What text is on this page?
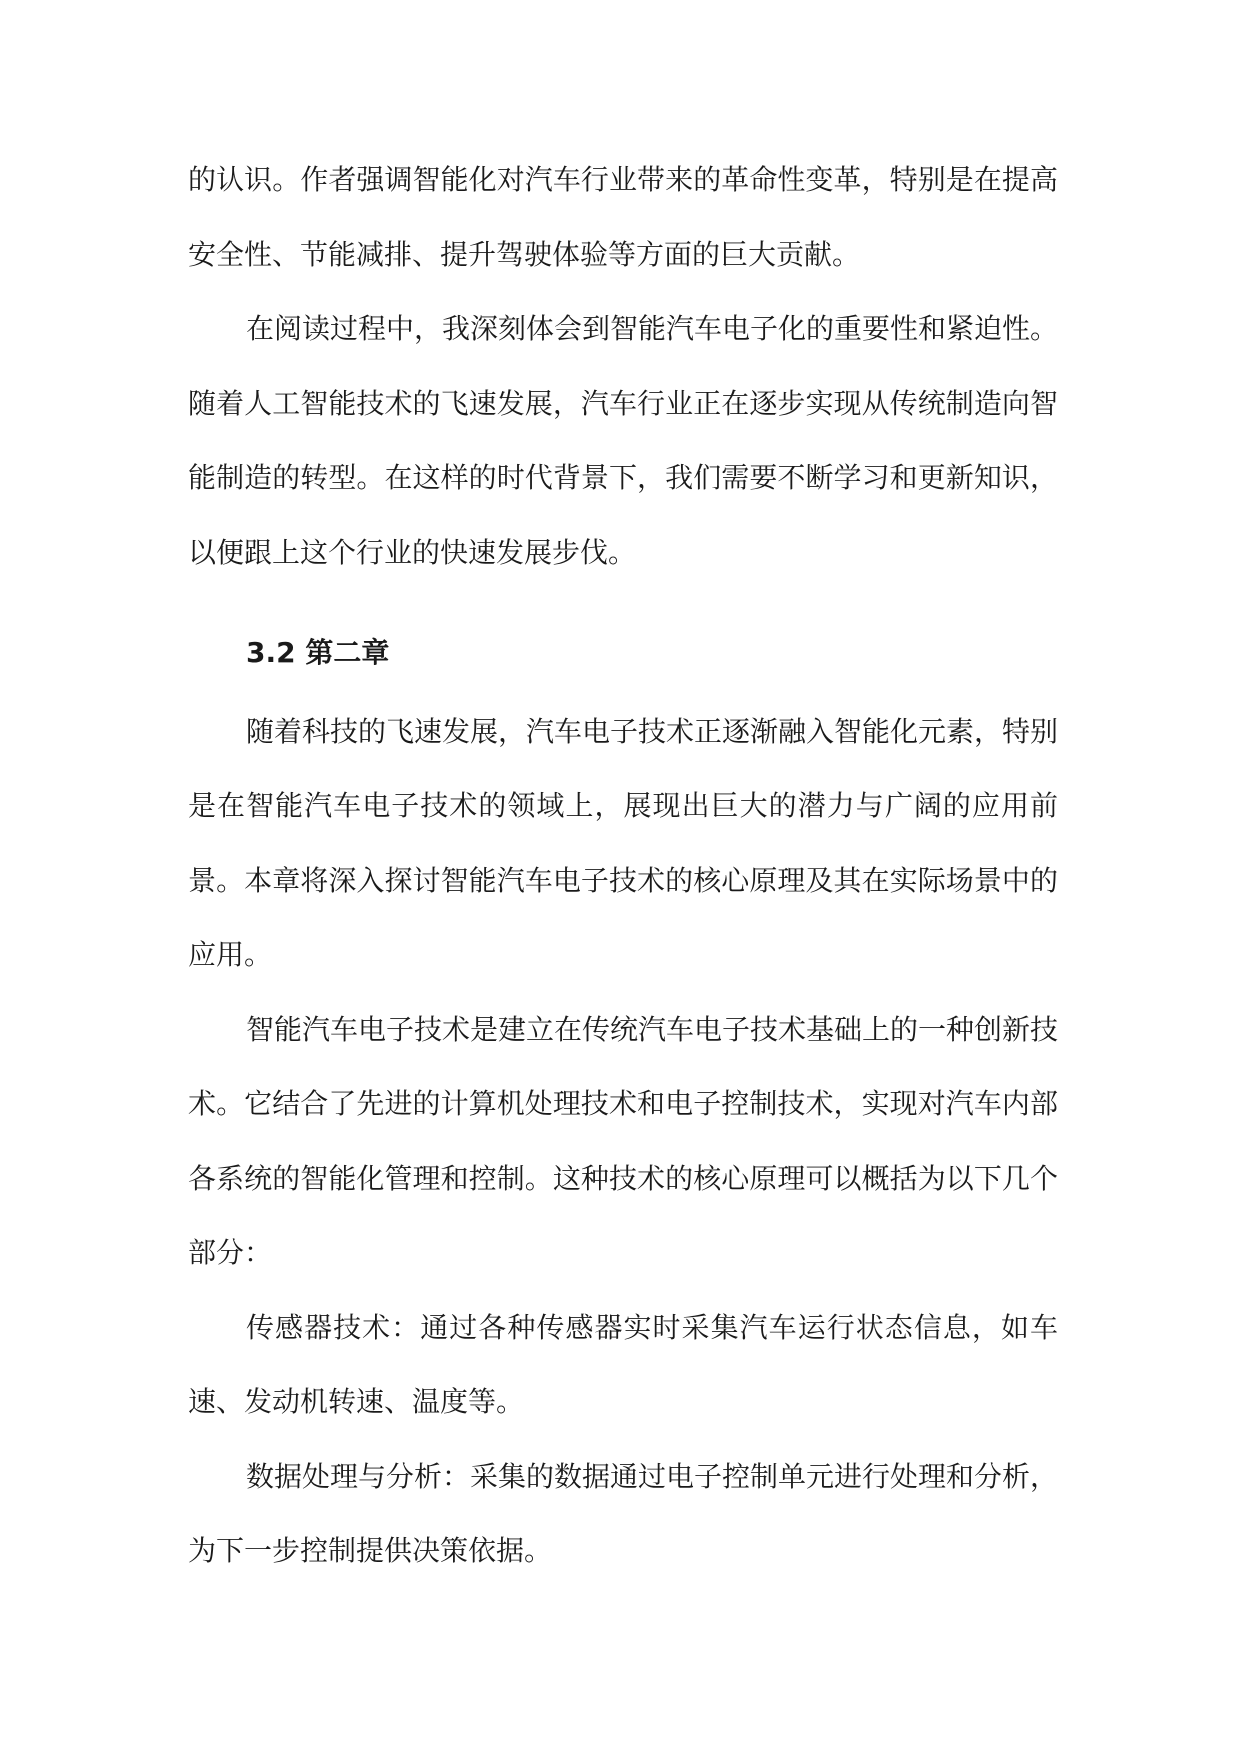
的认识。作者强调智能化对汽车行业带来的革命性变革，特别是在提高安全性、节能减排、提升驾驶体验等方面的巨大贡献。

在阅读过程中，我深刻体会到智能汽车电子化的重要性和紧迫性。随着人工智能技术的飞速发展，汽车行业正在逐步实现从传统制造向智能制造的转型。在这样的时代背景下，我们需要不断学习和更新知识，以便跟上这个行业的快速发展步伐。

3.2 第二章

随着科技的飞速发展，汽车电子技术正逐渐融入智能化元素，特别是在智能汽车电子技术的领域上，展现出巨大的潜力与广阔的应用前景。本章将深入探讨智能汽车电子技术的核心原理及其在实际场景中的应用。

智能汽车电子技术是建立在传统汽车电子技术基础上的一种创新技术。它结合了先进的计算机处理技术和电子控制技术，实现对汽车内部各系统的智能化管理和控制。这种技术的核心原理可以概括为以下几个部分：

传感器技术：通过各种传感器实时采集汽车运行状态信息，如车速、发动机转速、温度等。

数据处理与分析：采集的数据通过电子控制单元进行处理和分析，为下一步控制提供决策依据。
